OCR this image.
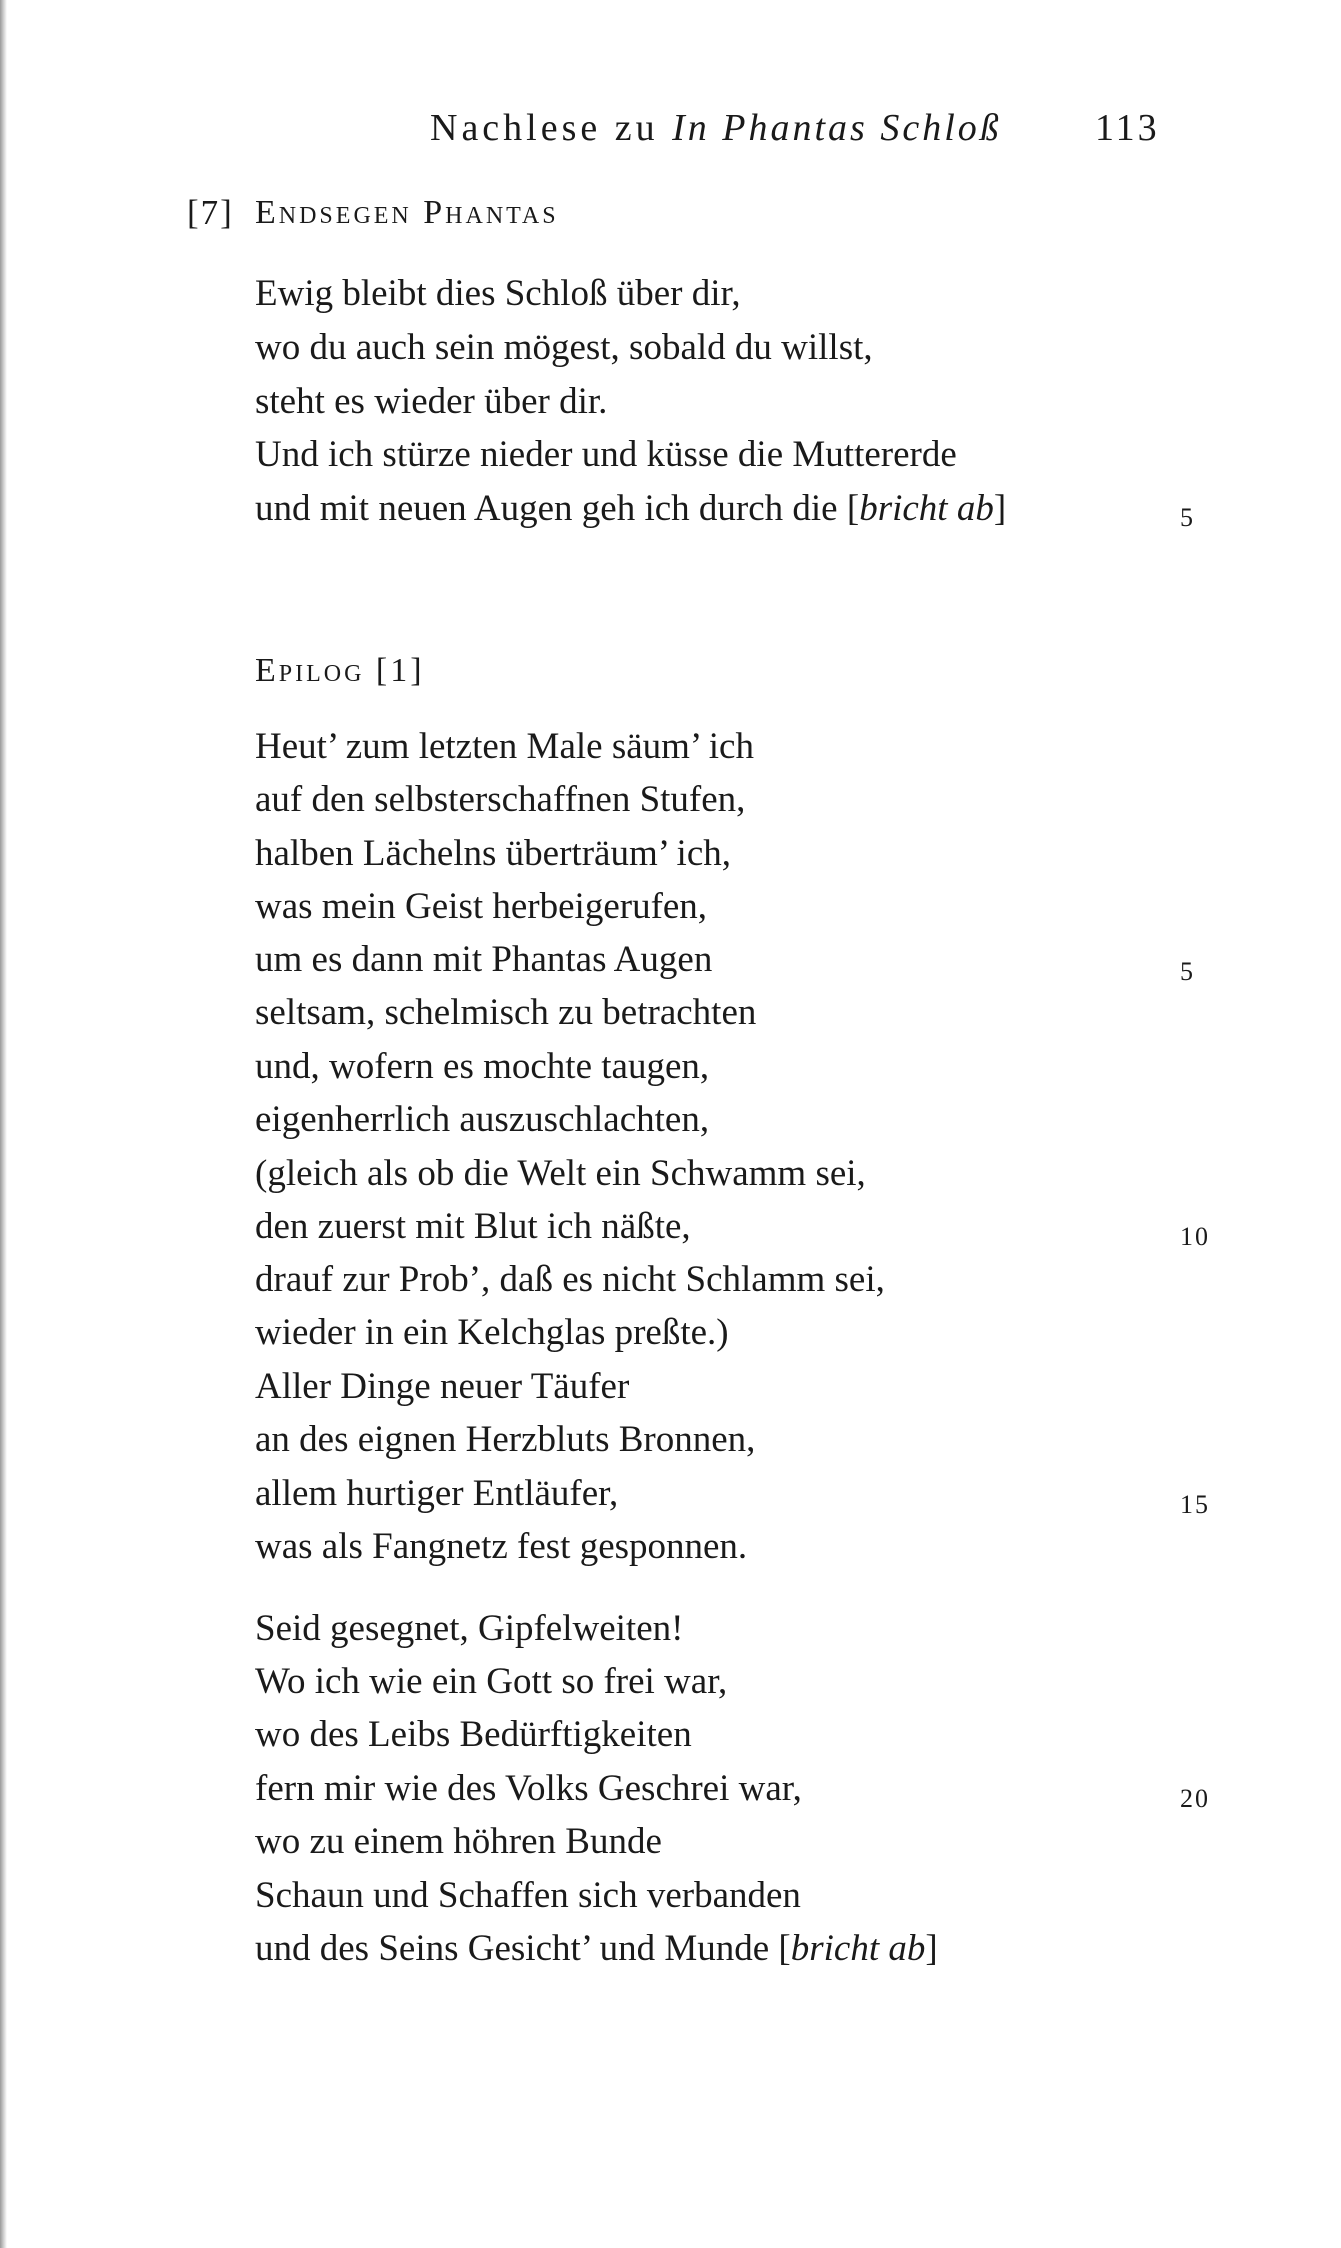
Nachlese zu In Phantas Schloß 113
[7] Endsegen Phantas
Ewig bleibt dies Schloß über dir,
wo du auch sein mögest, sobald du willst,
steht es wieder über dir.
Und ich stürze nieder und küsse die Muttererde
und mit neuen Augen geh ich durch die [bricht ab]	5
Epilog [1]
Heut’ zum letzten Male säum’ ich
auf den selbsterschaffnen Stufen,
halben Lächelns überträum’ ich,
was mein Geist herbeigerufen,
um es dann mit Phantas Augen
seltsam, schelmisch zu betrachten
und, wofern es mochte taugen,
eigenherrlich auszuschlachten,
(gleich als ob die Welt ein Schwamm sei,
den zuerst mit Blut ich näßte,
drauf zur Prob’, daß es nicht Schlamm sei,
wieder in ein Kelchglas preßte.)
Aller Dinge neuer Täufer
an des eignen Herzbluts Bronnen,
allem hurtiger Entläufer,
was als Fangnetz fest gesponnen.
Seid gesegnet, Gipfelweiten!
Wo ich wie ein Gott so frei war,
wo des Leibs Bedürftigkeiten
fern mir wie des Volks Geschrei war,
wo zu einem höhren Bunde
Schaun und Schaffen sich verbanden
und des Seins Gesicht’ und Munde [bricht ab]
5
10
15
20
